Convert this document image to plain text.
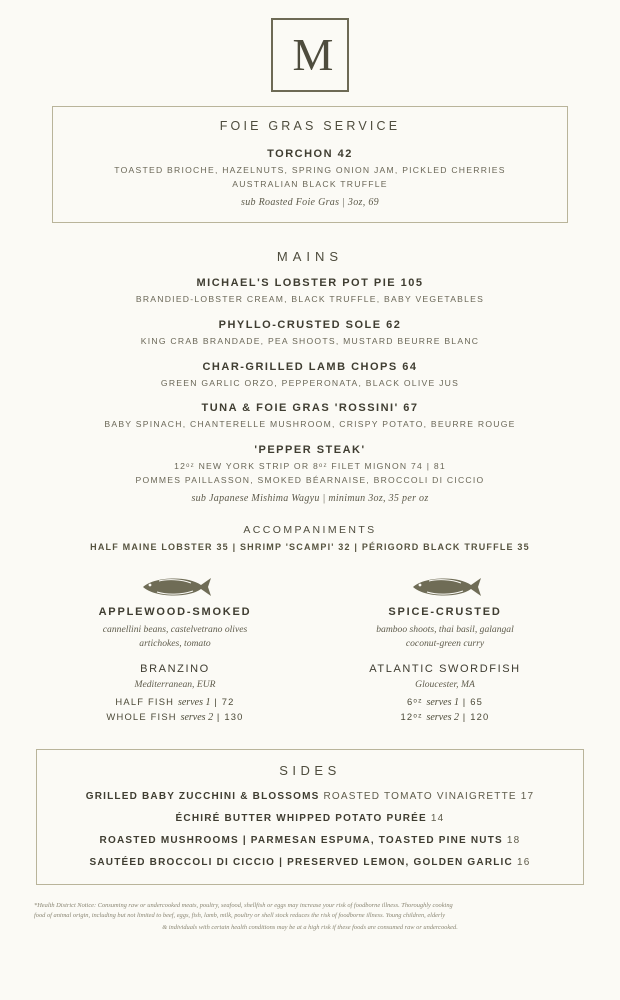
M
FOIE GRAS SERVICE
TORCHON 42
TOASTED BRIOCHE, HAZELNUTS, SPRING ONION JAM, PICKLED CHERRIES
AUSTRALIAN BLACK TRUFFLE
sub Roasted Foie Gras | 3oz, 69
MAINS
MICHAEL'S LOBSTER POT PIE 105
BRANDIED-LOBSTER CREAM, BLACK TRUFFLE, BABY VEGETABLES
PHYLLO-CRUSTED SOLE 62
KING CRAB BRANDADE, PEA SHOOTS, MUSTARD BEURRE BLANC
CHAR-GRILLED LAMB CHOPS 64
GREEN GARLIC ORZO, PEPPERONATA, BLACK OLIVE JUS
TUNA & FOIE GRAS 'ROSSINI' 67
BABY SPINACH, CHANTERELLE MUSHROOM, CRISPY POTATO, BEURRE ROUGE
'PEPPER STEAK'
12ᵒᶻ NEW YORK STRIP OR 8ᵒᶻ FILET MIGNON 74 | 81
POMMES PAILLASSON, SMOKED BÉARNAISE, BROCCOLI DI CICCIO
sub Japanese Mishima Wagyu | minimun 3oz, 35 per oz
ACCOMPANIMENTS
HALF MAINE LOBSTER 35 | SHRIMP 'SCAMPI' 32 | PÉRIGORD BLACK TRUFFLE 35
APPLEWOOD-SMOKED
cannellini beans, castelvetrano olives
artichokes, tomato
BRANZINO
Mediterranean, EUR
HALF FISH serves 1 | 72
WHOLE FISH serves 2 | 130
SPICE-CRUSTED
bamboo shoots, thai basil, galangal
coconut-green curry
ATLANTIC SWORDFISH
Gloucester, MA
6ᵒᶻ serves 1 | 65
12ᵒᶻ serves 2 | 120
SIDES
GRILLED BABY ZUCCHINI & BLOSSOMS ROASTED TOMATO VINAIGRETTE 17
ÉCHIRÉ BUTTER WHIPPED POTATO PURÉE 14
ROASTED MUSHROOMS | PARMESAN ESPUMA, TOASTED PINE NUTS 18
SAUTÉED BROCCOLI DI CICCIO | PRESERVED LEMON, GOLDEN GARLIC 16
*Health District Notice: Consuming raw or undercooked meats, poultry, seafood, shellfish or eggs may increase your risk of foodborne illness. Thoroughly cooking
food of animal origin, including but not limited to beef, eggs, fish, lamb, milk, poultry or shell stock reduces the risk of foodborne illness. Young children, elderly
& individuals with certain health conditions may be at a high risk if these foods are consumed raw or undercooked.
